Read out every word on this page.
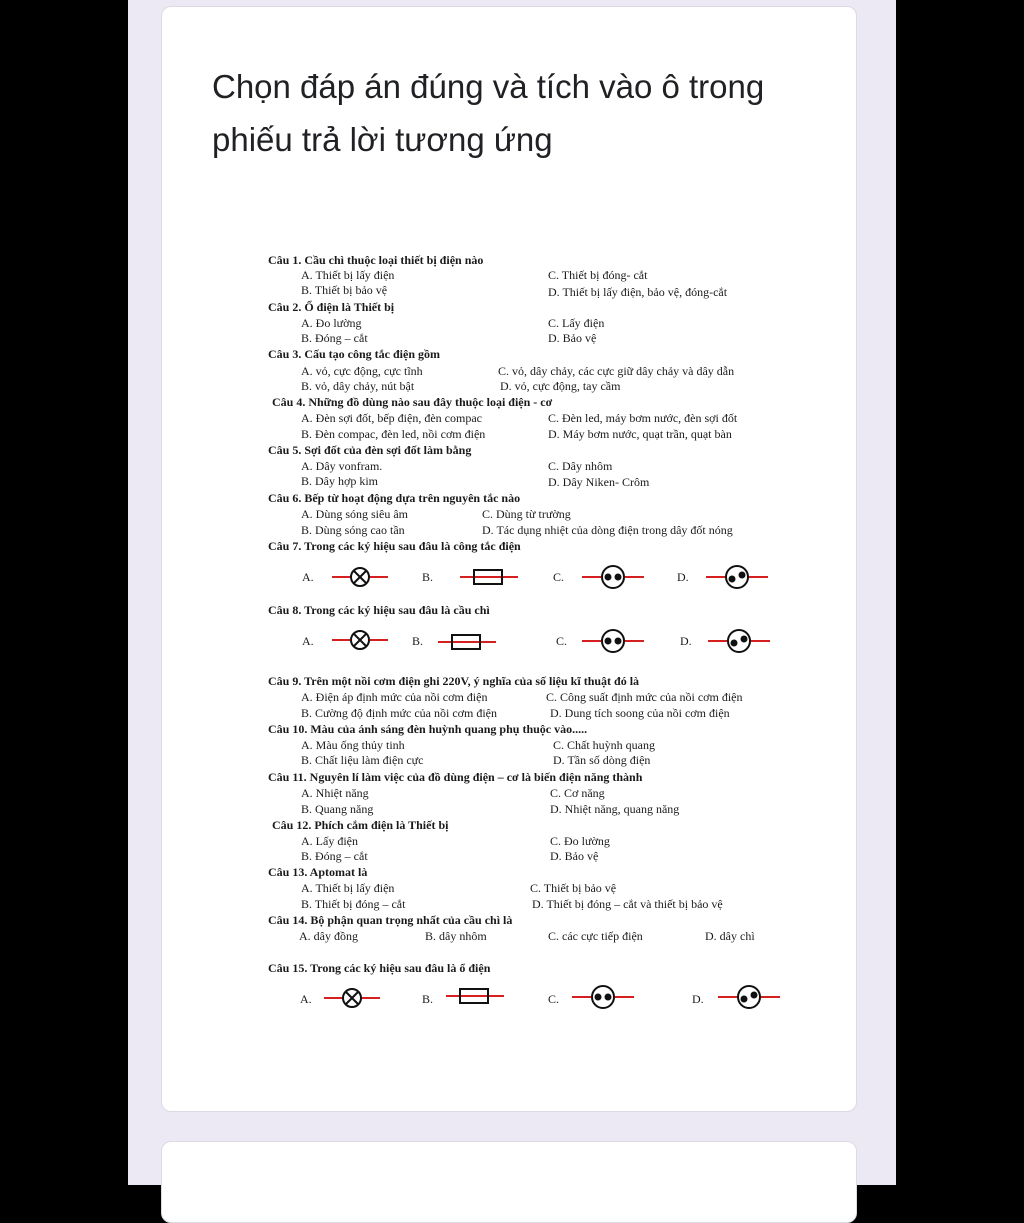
Chọn đáp án đúng và tích vào ô trong phiếu trả lời tương ứng
Câu 1. Cầu chì thuộc loại thiết bị điện nào
A. Thiết bị lấy điện	C. Thiết bị đóng- cắt
B. Thiết bị bảo vệ	D. Thiết bị lấy điện, bảo vệ, đóng-cắt
Câu 2. Ổ điện là Thiết bị
A. Đo lường	C. Lấy điện
B. Đóng – cắt	D. Bảo vệ
Câu 3. Cấu tạo công tắc điện gồm
A. vỏ, cực động, cực tĩnh	C. vỏ, dây chảy, các cực giữ dây chảy và dây dẫn
B. vỏ, dây chảy, nút bật	D. vỏ, cực động, tay cầm
Câu 4. Những đồ dùng nào sau đây thuộc loại điện - cơ
A. Đèn sợi đốt, bếp điện, đèn compac	C. Đèn led, máy bơm nước, đèn sợi đốt
B. Đèn compac, đèn led, nồi cơm điện	D. Máy bơm nước, quạt trần, quạt bàn
Câu 5. Sợi đốt của đèn sợi đốt làm bằng
A. Dây vonfram.	C. Dây nhôm
B. Dây hợp kim	D. Dây Niken- Crôm
Câu 6. Bếp từ hoạt động dựa trên nguyên tắc nào
A. Dùng sóng siêu âm	C. Dùng từ trường
B. Dùng sóng cao tần	D. Tác dụng nhiệt của dòng điện trong dây đốt nóng
Câu 7. Trong các ký hiệu sau đâu là công tắc điện
A.	B.	C.	D.
Câu 8. Trong các ký hiệu sau đâu là cầu chì
A.	B.	C.	D.
Câu 9. Trên một nồi cơm điện ghi 220V, ý nghĩa của số liệu kĩ thuật đó là
A. Điện áp định mức của nồi cơm điện	C. Công suất định mức của nồi cơm điện
B. Cường độ định mức của nồi cơm điện	D. Dung tích soong của nồi cơm điện
Câu 10. Màu của ánh sáng đèn huỳnh quang phụ thuộc vào.....
A. Màu ống thủy tinh	C. Chất huỳnh quang
B. Chất liệu làm điện cực	D. Tần số dòng điện
Câu 11. Nguyên lí làm việc của đồ dùng điện – cơ là biến điện năng thành
A. Nhiệt năng	C. Cơ năng
B. Quang năng	D. Nhiệt năng, quang năng
Câu 12. Phích cắm điện là Thiết bị
A. Lấy điện	C. Đo lường
B. Đóng – cắt	D. Bảo vệ
Câu 13. Aptomat là
A. Thiết bị lấy điện	C. Thiết bị bảo vệ
B. Thiết bị đóng – cắt	D. Thiết bị đóng – cắt và thiết bị bảo vệ
Câu 14. Bộ phận quan trọng nhất của cầu chì là
A. dây đồng	B. dây nhôm	C. các cực tiếp điện	D. dây chì
Câu 15. Trong các ký hiệu sau đâu là ổ điện
A.	B.	C.	D.
